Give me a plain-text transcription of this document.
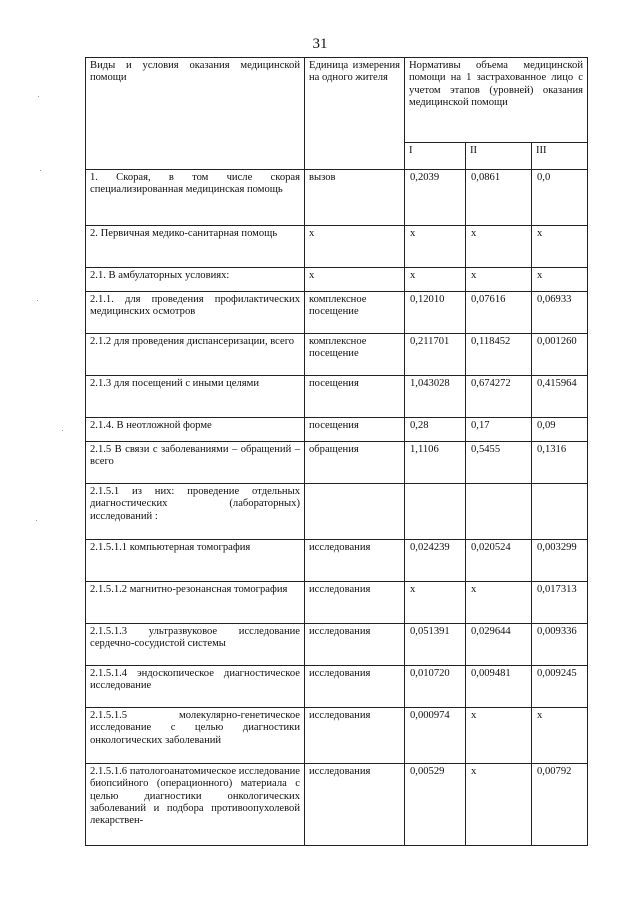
31
Виды и условия оказания медицинской помощи	Единица измерения на одного жителя	Нормативы объема медицинской помощи на 1 застрахованное лицо с учетом этапов (уровней) оказания медицинской помощи		
		I	II	III
1. Скорая, в том числе скорая специализированная медицинская помощь	вызов	0,2039	0,0861	0,0
2. Первичная медико-санитарная помощь	х	х	х	х
2.1. В амбулаторных условиях:	х	х	х	х
2.1.1. для проведения профилактических медицинских осмотров	комплексное посещение	0,12010	0,07616	0,06933
2.1.2 для проведения диспансеризации, всего	комплексное посещение	0,211701	0,118452	0,001260
2.1.3 для посещений с иными целями	посещения	1,043028	0,674272	0,415964
2.1.4. В неотложной форме	посещения	0,28	0,17	0,09
2.1.5 В связи с заболеваниями – обращений – всего	обращения	1,1106	0,5455	0,1316
2.1.5.1 из них: проведение отдельных диагностических (лабораторных) исследований :				
2.1.5.1.1 компьютерная томография	исследования	0,024239	0,020524	0,003299
2.1.5.1.2 магнитно-резонансная томография	исследования	х	х	0,017313
2.1.5.1.3 ультразвуковое исследование сердечно-сосудистой системы	исследования	0,051391	0,029644	0,009336
2.1.5.1.4 эндоскопическое диагностическое исследование	исследования	0,010720	0,009481	0,009245
2.1.5.1.5 молекулярно-генетическое исследование с целью диагностики онкологических заболеваний	исследования	0,000974	х	х
2.1.5.1.6 патологоанатомическое исследование биопсийного (операционного) материала с целью диагностики онкологических заболеваний и подбора противоопухолевой лекарствен-	исследования	0,00529	х	0,00792
